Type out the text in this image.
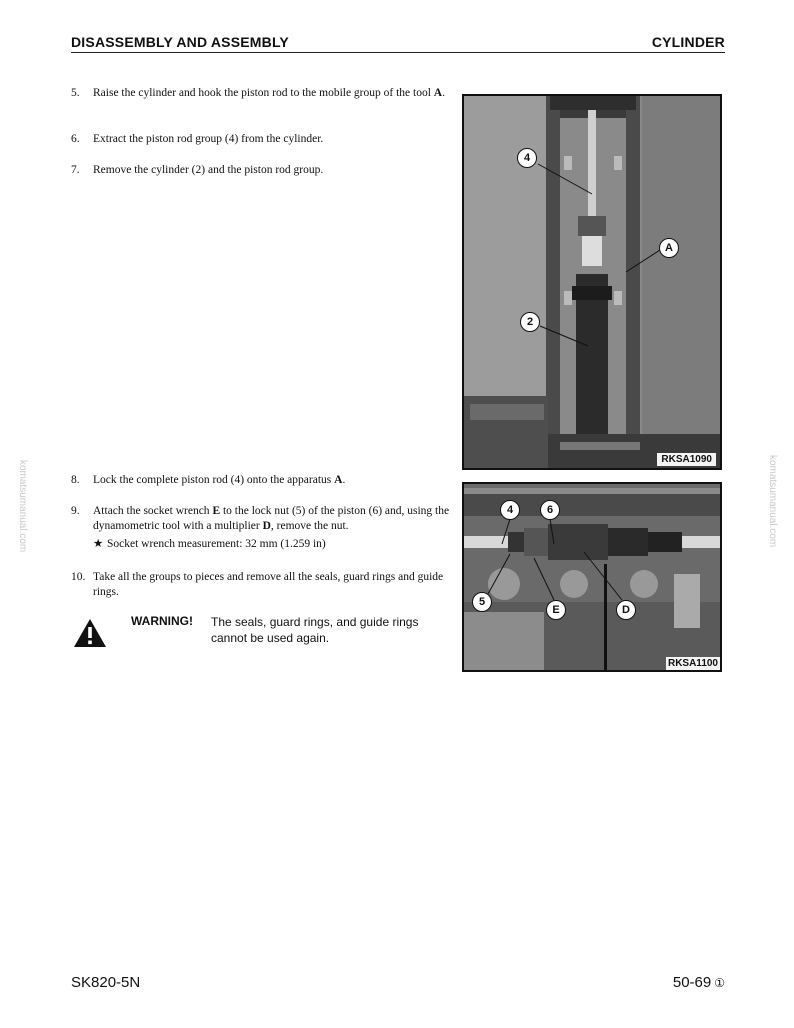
DISASSEMBLY AND ASSEMBLY	CYLINDER
5. Raise the cylinder and hook the piston rod to the mobile group of the tool A.
6. Extract the piston rod group (4) from the cylinder.
7. Remove the cylinder (2) and the piston rod group.
8. Lock the complete piston rod (4) onto the apparatus A.
9. Attach the socket wrench E to the lock nut (5) of the piston (6) and, using the dynamometric tool with a multiplier D, remove the nut.
★ Socket wrench measurement: 32 mm (1.259 in)
10. Take all the groups to pieces and remove all the seals, guard rings and guide rings.
WARNING! The seals, guard rings, and guide rings cannot be used again.
4
A
2
RKSA1090
4	6
5
E	D
RKSA1100
komatsumanual.com	komatsumanual.com
SK820-5N	50-69 ①
